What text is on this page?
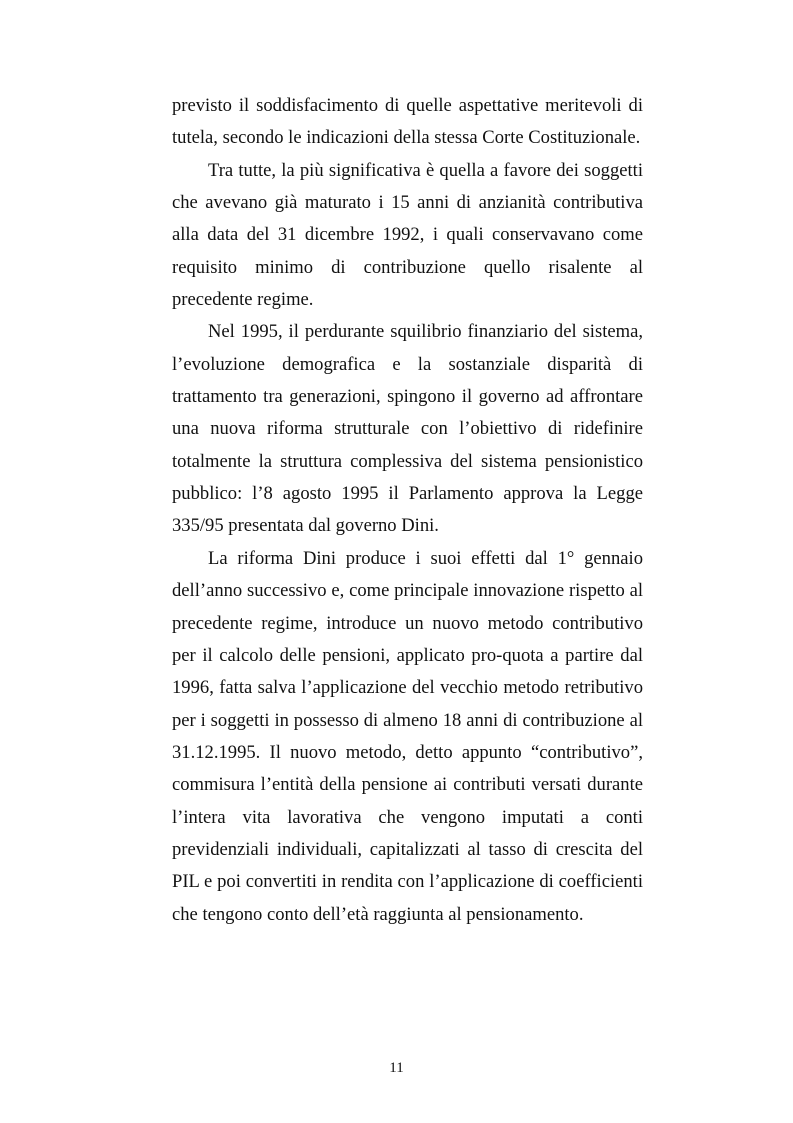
previsto il soddisfacimento di quelle aspettative meritevoli di tutela, secondo le indicazioni della stessa Corte Costituzionale.

Tra tutte, la più significativa è quella a favore dei soggetti che avevano già maturato i 15 anni di anzianità contributiva alla data del 31 dicembre 1992, i quali conservavano come requisito minimo di contribuzione quello risalente al precedente regime.

Nel 1995, il perdurante squilibrio finanziario del sistema, l’evoluzione demografica e la sostanziale disparità di trattamento tra generazioni, spingono il governo ad affrontare una nuova riforma strutturale con l’obiettivo di ridefinire totalmente la struttura complessiva del sistema pensionistico pubblico: l’8 agosto 1995 il Parlamento approva la Legge 335/95 presentata dal governo Dini.

La riforma Dini produce i suoi effetti dal 1° gennaio dell’anno successivo e, come principale innovazione rispetto al precedente regime, introduce un nuovo metodo contributivo per il calcolo delle pensioni, applicato pro-quota a partire dal 1996, fatta salva l’applicazione del vecchio metodo retributivo per i soggetti in possesso di almeno 18 anni di contribuzione al 31.12.1995. Il nuovo metodo, detto appunto “contributivo”, commisura l’entità della pensione ai contributi versati durante l’intera vita lavorativa che vengono imputati a conti previdenziali individuali, capitalizzati al tasso di crescita del PIL e poi convertiti in rendita con l’applicazione di coefficienti che tengono conto dell’età raggiunta al pensionamento.

11
